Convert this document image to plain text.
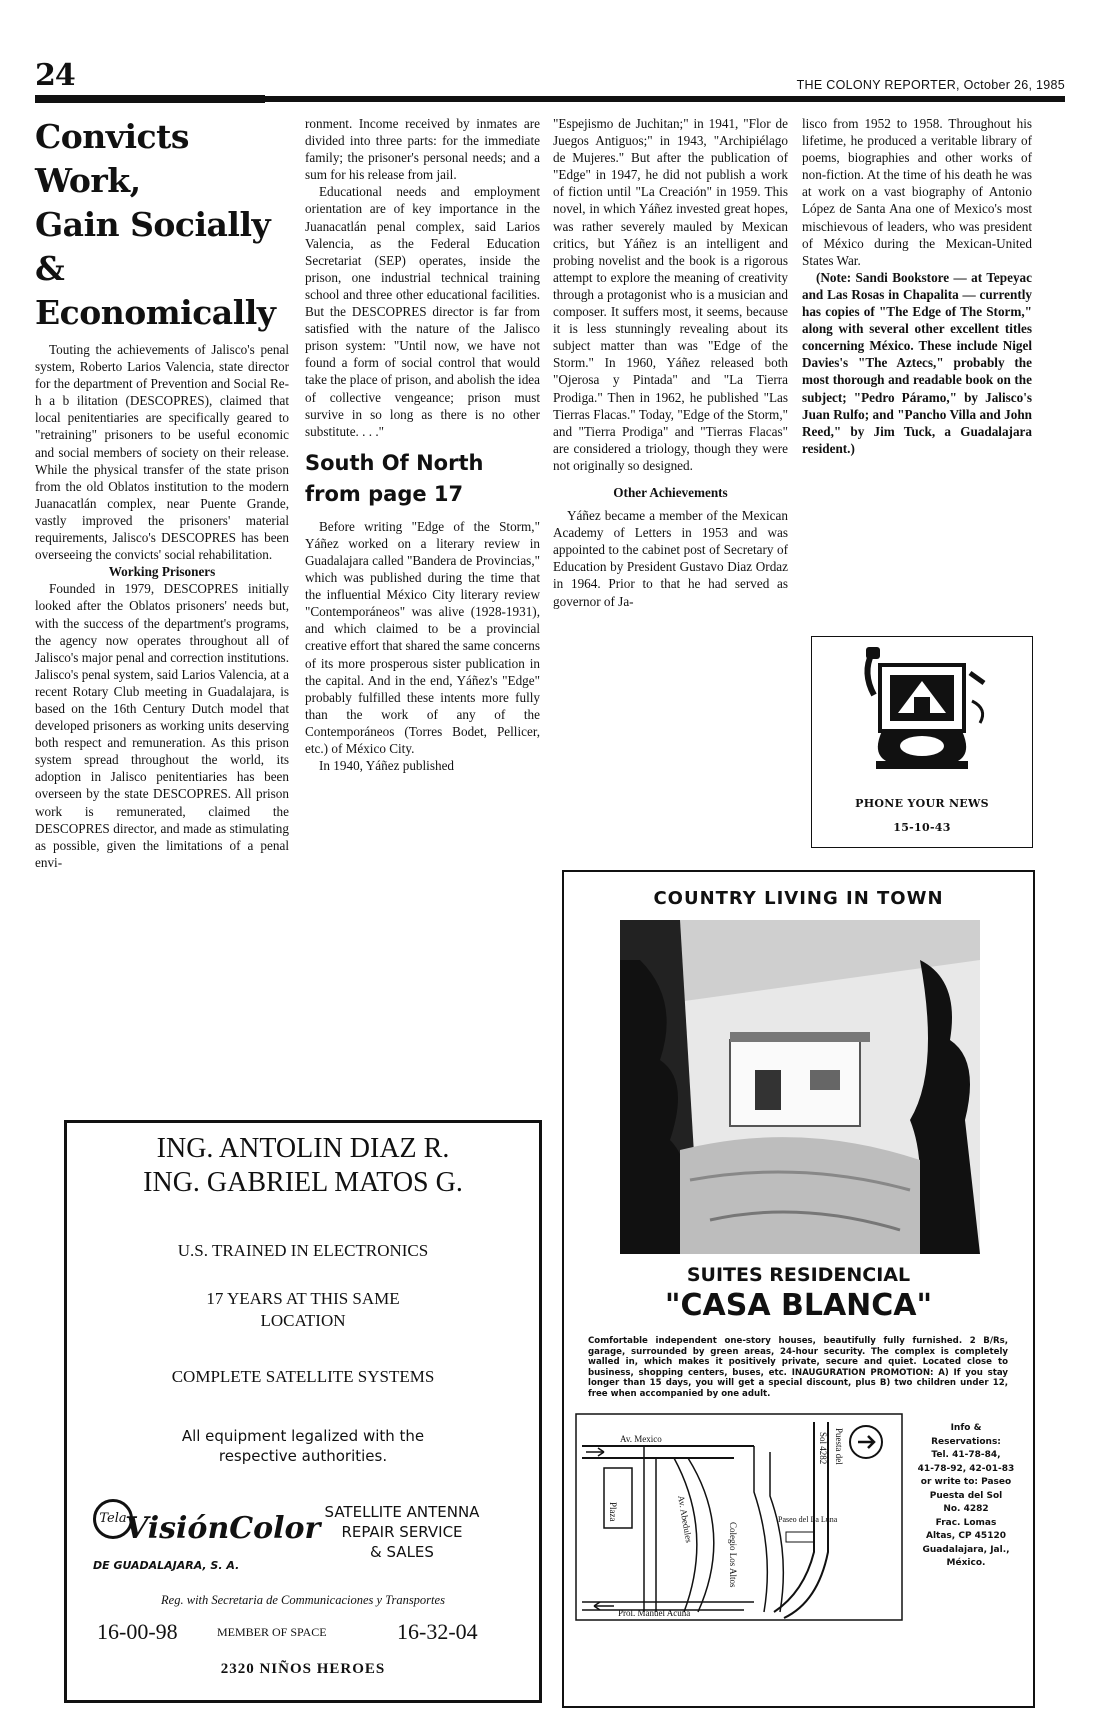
24	THE COLONY REPORTER, October 26, 1985
Convicts Work,
Gain Socially
& Economically

Touting the achievements of Jalisco's penal system, Roberto Larios Valencia, state director for the department of Prevention and Social Re-h a b ilitation (DESCOPRES), claimed that local penitentiaries are specifically geared to "retraining" prisoners to be useful economic and social members of society on their release. While the physical transfer of the state prison from the old Oblatos institution to the modern Juanacatlán complex, near Puente Grande, vastly improved the prisoners' material requirements, Jalisco's DESCOPRES has been overseeing the convicts' social rehabilitation.

Working Prisoners

Founded in 1979, DESCOPRES initially looked after the Oblatos prisoners' needs but, with the success of the department's programs, the agency now operates throughout all of Jalisco's major penal and correction institutions. Jalisco's penal system, said Larios Valencia, at a recent Rotary Club meeting in Guadalajara, is based on the 16th Century Dutch model that developed prisoners as working units deserving both respect and remuneration. As this prison system spread throughout the world, its adoption in Jalisco penitentiaries has been overseen by the state DESCOPRES. All prison work is remunerated, claimed the DESCOPRES director, and made as stimulating as possible, given the limitations of a penal envi-

ronment. Income received by inmates are divided into three parts: for the immediate family; the prisoner's personal needs; and a sum for his release from jail.

Educational needs and employment orientation are of key importance in the Juanacatlán penal complex, said Larios Valencia, as the Federal Education Secretariat (SEP) operates, inside the prison, one industrial technical training school and three other educational facilities. But the DESCOPRES director is far from satisfied with the nature of the Jalisco prison system: "Until now, we have not found a form of social control that would take the place of prison, and abolish the idea of collective vengeance; prison must survive in so long as there is no other substitute. . . ."

South Of North
from page 17

Before writing "Edge of the Storm," Yáñez worked on a literary review in Guadalajara called "Bandera de Provincias," which was published during the time that the influential México City literary review "Contemporáneos" was alive (1928-1931), and which claimed to be a provincial creative effort that shared the same concerns of its more prosperous sister publication in the capital. And in the end, Yáñez's "Edge" probably fulfilled these intents more fully than the work of any of the Contemporáneos (Torres Bodet, Pellicer, etc.) of México City.

In 1940, Yáñez published

"Espejismo de Juchitan;" in 1941, "Flor de Juegos Antiguos;" in 1943, "Archipiélago de Mujeres." But after the publication of "Edge" in 1947, he did not publish a work of fiction until "La Creación" in 1959. This novel, in which Yáñez invested great hopes, was rather severely mauled by Mexican critics, but Yáñez is an intelligent and probing novelist and the book is a rigorous attempt to explore the meaning of creativity through a protagonist who is a musician and composer. It suffers most, it seems, because it is less stunningly revealing about its subject matter than was "Edge of the Storm." In 1960, Yáñez released both "Ojerosa y Pintada" and "La Tierra Prodiga." Then in 1962, he published "Las Tierras Flacas." Today, "Edge of the Storm," and "Tierra Prodiga" and "Tierras Flacas" are considered a triology, though they were not originally so designed.

Other Achievements

Yáñez became a member of the Mexican Academy of Letters in 1953 and was appointed to the cabinet post of Secretary of Education by President Gustavo Diaz Ordaz in 1964. Prior to that he had served as governor of Ja-

lisco from 1952 to 1958. Throughout his lifetime, he produced a veritable library of poems, biographies and other works of non-fiction. At the time of his death he was at work on a vast biography of Antonio López de Santa Ana one of Mexico's most mischievous of leaders, who was president of México during the Mexican-United States War.

(Note: Sandi Bookstore — at Tepeyac and Las Rosas in Chapalita — currently has copies of "The Edge of The Storm," along with several other excellent titles concerning México. These include Nigel Davies's "The Aztecs," probably the most thorough and readable book on the subject; "Pedro Páramo," by Jalisco's Juan Rulfo; and "Pancho Villa and John Reed," by Jim Tuck, a Guadalajara resident.)

PHONE YOUR NEWS
15-10-43
ING. ANTOLIN DIAZ R.
ING. GABRIEL MATOS G.
U.S. TRAINED IN ELECTRONICS
17 YEARS AT THIS SAME
LOCATION
COMPLETE SATELLITE SYSTEMS
All equipment legalized with the
respective authorities.
Tela
VisiónColor
DE GUADALAJARA, S. A.
SATELLITE ANTENNA
REPAIR SERVICE
& SALES
Reg. with Secretaria de Communicaciones y Transportes
16-00-98	MEMBER OF SPACE	16-32-04
2320 NIÑOS HEROES
COUNTRY LIVING IN TOWN
SUITES RESIDENCIAL
"CASA BLANCA"
Comfortable independent one-story houses, beautifully fully furnished. 2 B/Rs, garage, surrounded by green areas, 24-hour security. The complex is completely walled in, which makes it positively private, secure and quiet. Located close to business, shopping centers, buses, etc. INAUGURATION PROMOTION: A) If you stay longer than 15 days, you will get a special discount, plus B) two children under 12, free when accompanied by one adult.
Av. Mexico
Plaza	Av. Abedules
Colegio Los Altos
Paseo del La Luna
Sol 4282 Puesta del
Prol. Manuel Acuña
Info &
Reservations:
Tel. 41-78-84,
41-78-92, 42-01-83
or write to: Paseo
Puesta del Sol
No. 4282
Frac. Lomas
Altas, CP 45120
Guadalajara, Jal.,
México.
